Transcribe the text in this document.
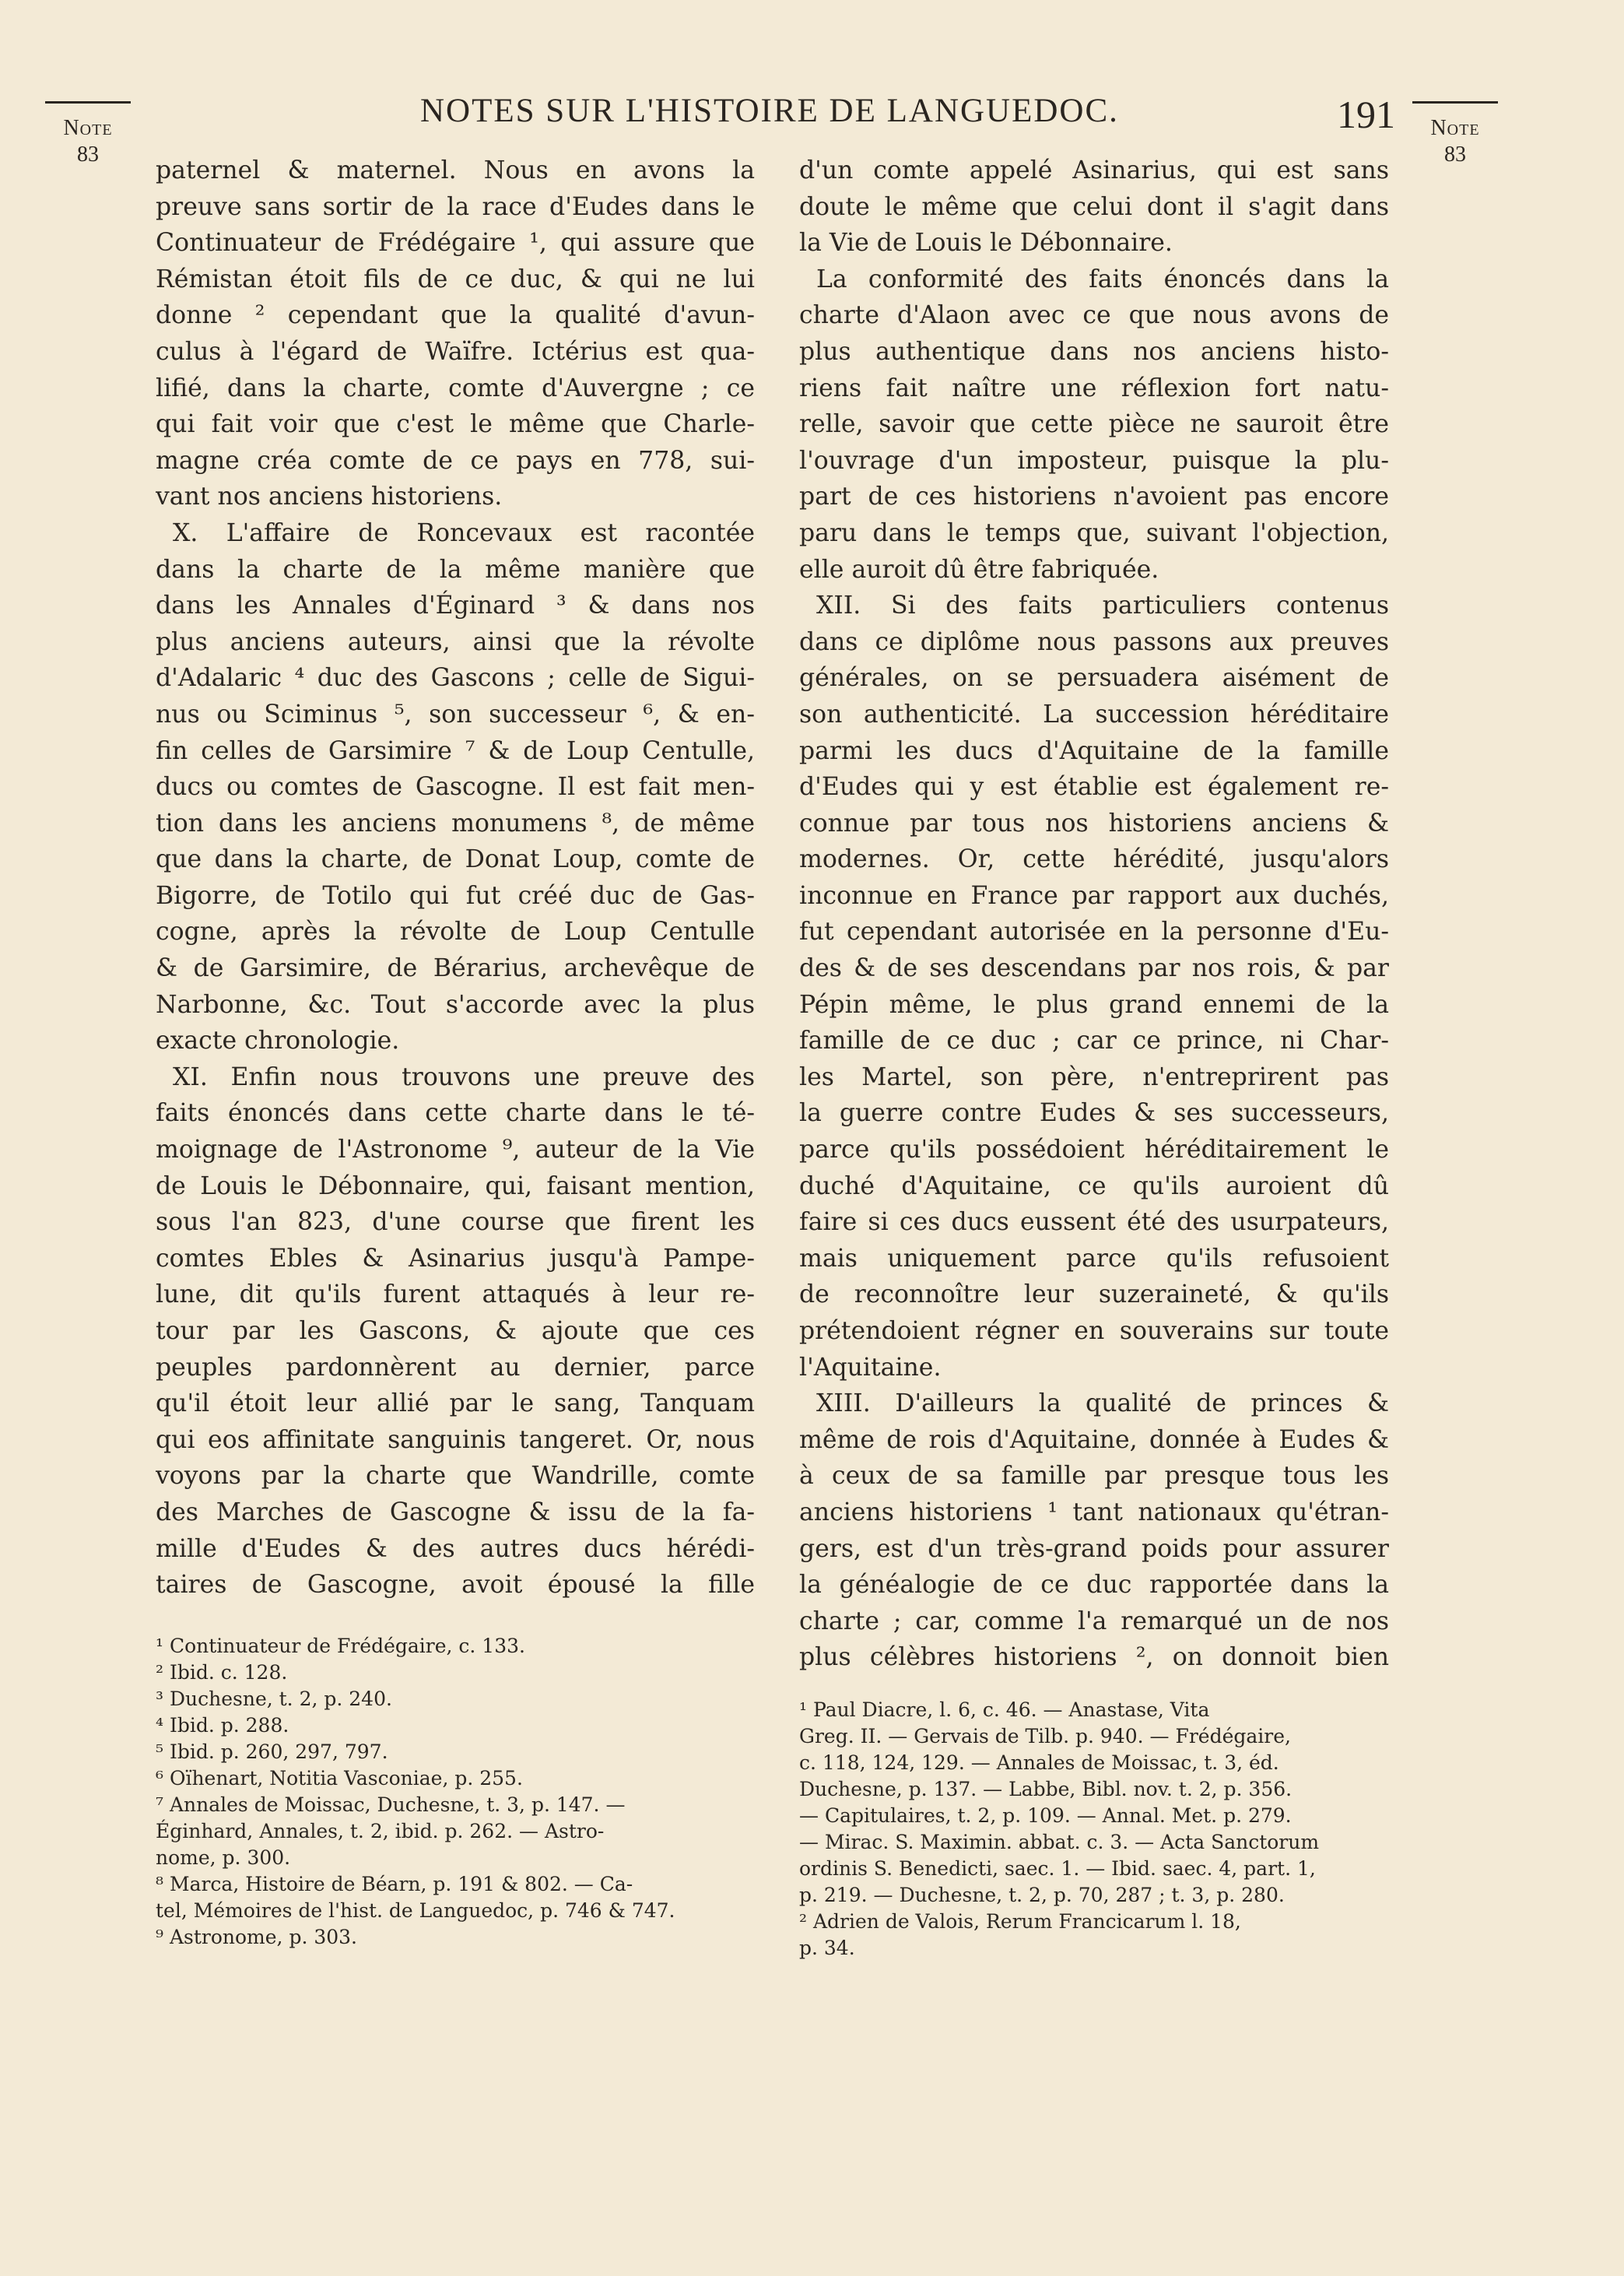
Note
83
NOTES SUR L'HISTOIRE DE LANGUEDOC.	191	Note
83
paternel & maternel. Nous en avons la
preuve sans sortir de la race d'Eudes dans le
Continuateur de Frédégaire ¹, qui assure que
Rémistan étoit fils de ce duc, & qui ne lui
donne ² cependant que la qualité d'avun-
culus à l'égard de Waïfre. Ictérius est qua-
lifié, dans la charte, comte d'Auvergne ; ce
qui fait voir que c'est le même que Charle-
magne créa comte de ce pays en 778, sui-
vant nos anciens historiens.
X. L'affaire de Roncevaux est racontée
dans la charte de la même manière que
dans les Annales d'Éginard ³ & dans nos
plus anciens auteurs, ainsi que la révolte
d'Adalaric ⁴ duc des Gascons ; celle de Sigui-
nus ou Sciminus ⁵, son successeur ⁶, & en-
fin celles de Garsimire ⁷ & de Loup Centulle,
ducs ou comtes de Gascogne. Il est fait men-
tion dans les anciens monumens ⁸, de même
que dans la charte, de Donat Loup, comte de
Bigorre, de Totilo qui fut créé duc de Gas-
cogne, après la révolte de Loup Centulle
& de Garsimire, de Bérarius, archevêque de
Narbonne, &c. Tout s'accorde avec la plus
exacte chronologie.
XI. Enfin nous trouvons une preuve des
faits énoncés dans cette charte dans le té-
moignage de l'Astronome ⁹, auteur de la Vie
de Louis le Débonnaire, qui, faisant mention,
sous l'an 823, d'une course que firent les
comtes Ebles & Asinarius jusqu'à Pampe-
lune, dit qu'ils furent attaqués à leur re-
tour par les Gascons, & ajoute que ces
peuples pardonnèrent au dernier, parce
qu'il étoit leur allié par le sang, Tanquam
qui eos affinitate sanguinis tangeret. Or, nous
voyons par la charte que Wandrille, comte
des Marches de Gascogne & issu de la fa-
mille d'Eudes & des autres ducs hérédi-
taires de Gascogne, avoit épousé la fille
d'un comte appelé Asinarius, qui est sans
doute le même que celui dont il s'agit dans
la Vie de Louis le Débonnaire.
La conformité des faits énoncés dans la
charte d'Alaon avec ce que nous avons de
plus authentique dans nos anciens histo-
riens fait naître une réflexion fort natu-
relle, savoir que cette pièce ne sauroit être
l'ouvrage d'un imposteur, puisque la plu-
part de ces historiens n'avoient pas encore
paru dans le temps que, suivant l'objection,
elle auroit dû être fabriquée.
XII. Si des faits particuliers contenus
dans ce diplôme nous passons aux preuves
générales, on se persuadera aisément de
son authenticité. La succession héréditaire
parmi les ducs d'Aquitaine de la famille
d'Eudes qui y est établie est également re-
connue par tous nos historiens anciens &
modernes. Or, cette hérédité, jusqu'alors
inconnue en France par rapport aux duchés,
fut cependant autorisée en la personne d'Eu-
des & de ses descendans par nos rois, & par
Pépin même, le plus grand ennemi de la
famille de ce duc ; car ce prince, ni Char-
les Martel, son père, n'entreprirent pas
la guerre contre Eudes & ses successeurs,
parce qu'ils possédoient héréditairement le
duché d'Aquitaine, ce qu'ils auroient dû
faire si ces ducs eussent été des usurpateurs,
mais uniquement parce qu'ils refusoient
de reconnoître leur suzeraineté, & qu'ils
prétendoient régner en souverains sur toute
l'Aquitaine.
XIII. D'ailleurs la qualité de princes &
même de rois d'Aquitaine, donnée à Eudes &
à ceux de sa famille par presque tous les
anciens historiens ¹ tant nationaux qu'étran-
gers, est d'un très-grand poids pour assurer
la généalogie de ce duc rapportée dans la
charte ; car, comme l'a remarqué un de nos
plus célèbres historiens ², on donnoit bien
¹ Continuateur de Frédégaire, c. 133.
² Ibid. c. 128.
³ Duchesne, t. 2, p. 240.
⁴ Ibid. p. 288.
⁵ Ibid. p. 260, 297, 797.
⁶ Oïhenart, Notitia Vasconiae, p. 255.
⁷ Annales de Moissac, Duchesne, t. 3, p. 147. —
Éginhard, Annales, t. 2, ibid. p. 262. — Astro-
nome, p. 300.
⁸ Marca, Histoire de Béarn, p. 191 & 802. — Ca-
tel, Mémoires de l'hist. de Languedoc, p. 746 & 747.
⁹ Astronome, p. 303.
¹ Paul Diacre, l. 6, c. 46. — Anastase, Vita
Greg. II. — Gervais de Tilb. p. 940. — Frédégaire,
c. 118, 124, 129. — Annales de Moissac, t. 3, éd.
Duchesne, p. 137. — Labbe, Bibl. nov. t. 2, p. 356.
— Capitulaires, t. 2, p. 109. — Annal. Met. p. 279.
— Mirac. S. Maximin. abbat. c. 3. — Acta Sanctorum
ordinis S. Benedicti, saec. 1. — Ibid. saec. 4, part. 1,
p. 219. — Duchesne, t. 2, p. 70, 287 ; t. 3, p. 280.
² Adrien de Valois, Rerum Francicarum l. 18,
p. 34.
